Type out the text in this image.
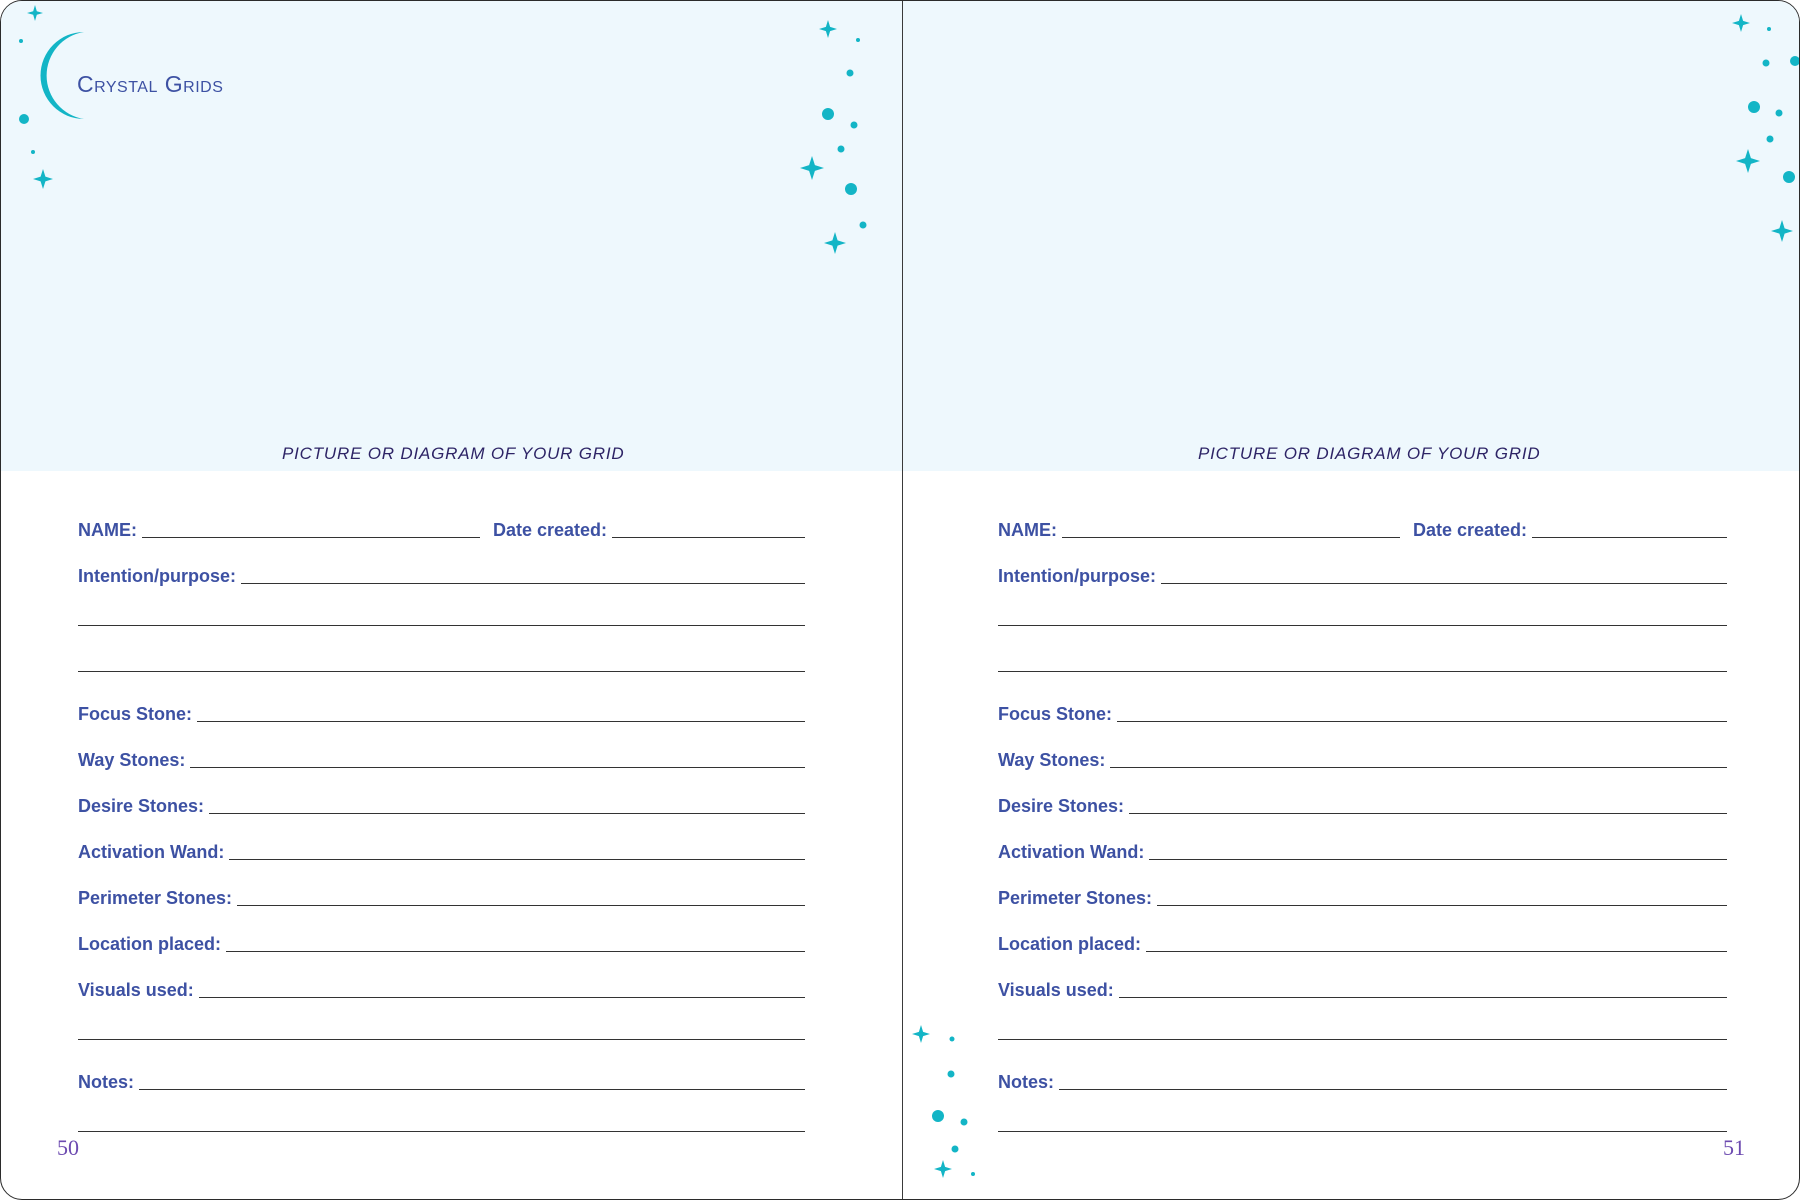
PICTURE OR DIAGRAM OF YOUR GRID
Crystal Grids
NAME:	Date created:
Intention/purpose:
Focus Stone:
Way Stones:
Desire Stones:
Activation Wand:
Perimeter Stones:
Location placed:
Visuals used:
Notes:
50
PICTURE OR DIAGRAM OF YOUR GRID
NAME:	Date created:
Intention/purpose:
Focus Stone:
Way Stones:
Desire Stones:
Activation Wand:
Perimeter Stones:
Location placed:
Visuals used:
Notes:
51
